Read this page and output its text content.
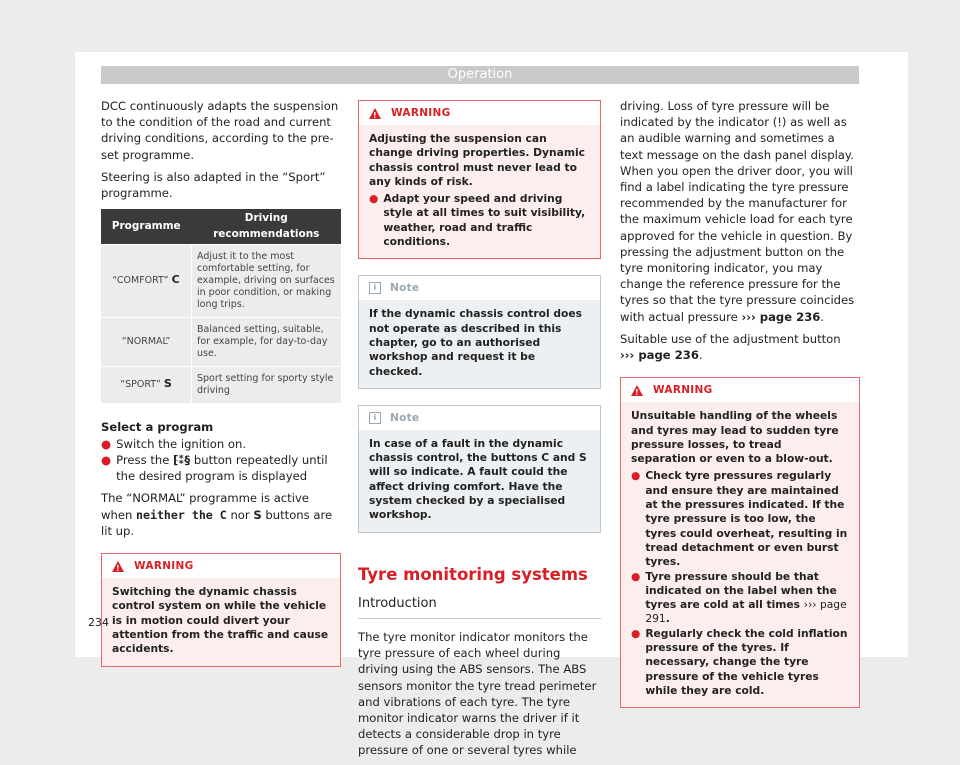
Operation

DCC continuously adapts the suspension to the condition of the road and current driving conditions, according to the pre-set programme.

Steering is also adapted in the “Sport” programme.

Programme	Driving recommendations
“COMFORT” C	Adjust it to the most comfortable setting, for example, driving on surfaces in poor condition, or making long trips.
“NORMAL”	Balanced setting, suitable, for example, for day-to-day use.
“SPORT” S	Sport setting for sporty style driving

Select a program

● Switch the ignition on.
● Press the ⁅⁑§ button repeatedly until the desired program is displayed

The “NORMAL” programme is active when neither the C nor S buttons are lit up.

!
WARNING
Switching the dynamic chassis control system on while the vehicle is in motion could divert your attention from the traffic and cause accidents.
!
WARNING
Adjusting the suspension can change driving properties. Dynamic chassis control must never lead to any kinds of risk.
● Adapt your speed and driving style at all times to suit visibility, weather, road and traffic conditions.
i	Note
If the dynamic chassis control does not operate as described in this chapter, go to an authorised workshop and request it be checked.
i	Note
In case of a fault in the dynamic chassis control, the buttons C and S will so indicate. A fault could the affect driving comfort. Have the system checked by a specialised workshop.
Tyre monitoring systems
Introduction

The tyre monitor indicator monitors the tyre pressure of each wheel during driving using the ABS sensors. The ABS sensors monitor the tyre tread perimeter and vibrations of each tyre. The tyre monitor indicator warns the driver if it detects a considerable drop in tyre pressure of one or several tyres while

driving. Loss of tyre pressure will be indicated by the indicator (!) as well as an audible warning and sometimes a text message on the dash panel display. When you open the driver door, you will find a label indicating the tyre pressure recommended by the manufacturer for the maximum vehicle load for each tyre approved for the vehicle in question. By pressing the adjustment button on the tyre monitoring indicator, you may change the reference pressure for the tyres so that the tyre pressure coincides with actual pressure ››› page 236.

Suitable use of the adjustment button
››› page 236.

!
WARNING
Unsuitable handling of the wheels and tyres may lead to sudden tyre pressure losses, to tread separation or even to a blow-out.
● Check tyre pressures regularly and ensure they are maintained at the pressures indicated. If the tyre pressure is too low, the tyres could overheat, resulting in tread detachment or even burst tyres.
● Tyre pressure should be that indicated on the label when the tyres are cold at all times ››› page 291.
● Regularly check the cold inflation pressure of the tyres. If necessary, change the tyre pressure of the vehicle tyres while they are cold.
234
